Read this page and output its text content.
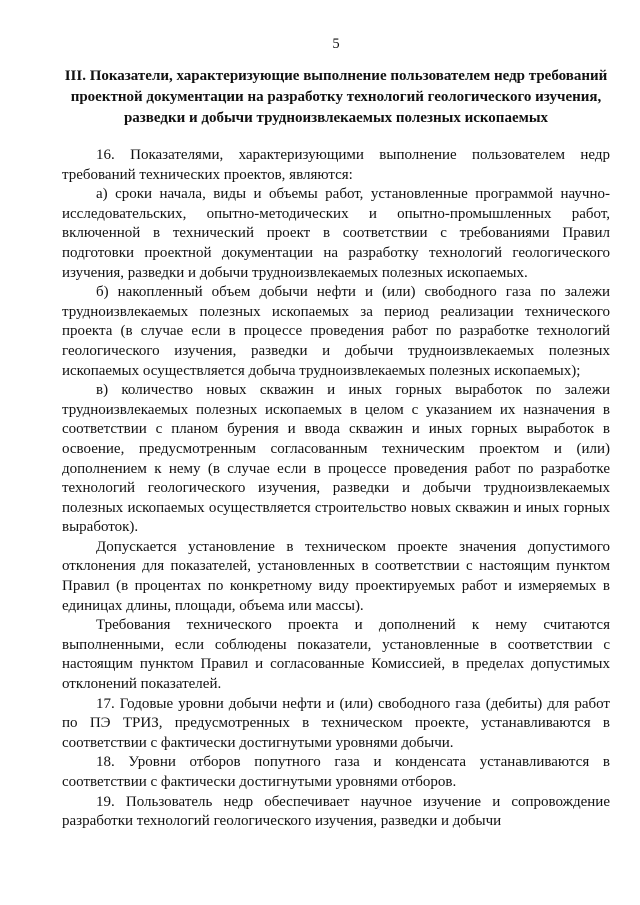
5
III. Показатели, характеризующие выполнение пользователем недр требований проектной документации на разработку технологий геологического изучения, разведки и добычи трудноизвлекаемых полезных ископаемых

16. Показателями, характеризующими выполнение пользователем недр требований технических проектов, являются:

а) сроки начала, виды и объемы работ, установленные программой научно-исследовательских, опытно-методических и опытно-промышленных работ, включенной в технический проект в соответствии с требованиями Правил подготовки проектной документации на разработку технологий геологического изучения, разведки и добычи трудноизвлекаемых полезных ископаемых.

б) накопленный объем добычи нефти и (или) свободного газа по залежи трудноизвлекаемых полезных ископаемых за период реализации технического проекта (в случае если в процессе проведения работ по разработке технологий геологического изучения, разведки и добычи трудноизвлекаемых полезных ископаемых осуществляется добыча трудноизвлекаемых полезных ископаемых);

в) количество новых скважин и иных горных выработок по залежи трудноизвлекаемых полезных ископаемых в целом с указанием их назначения в соответствии с планом бурения и ввода скважин и иных горных выработок в освоение, предусмотренным согласованным техническим проектом и (или) дополнением к нему (в случае если в процессе проведения работ по разработке технологий геологического изучения, разведки и добычи трудноизвлекаемых полезных ископаемых осуществляется строительство новых скважин и иных горных выработок).

Допускается установление в техническом проекте значения допустимого отклонения для показателей, установленных в соответствии с настоящим пунктом Правил (в процентах по конкретному виду проектируемых работ и измеряемых в единицах длины, площади, объема или массы).

Требования технического проекта и дополнений к нему считаются выполненными, если соблюдены показатели, установленные в соответствии с настоящим пунктом Правил и согласованные Комиссией, в пределах допустимых отклонений показателей.

17. Годовые уровни добычи нефти и (или) свободного газа (дебиты) для работ по ПЭ ТРИЗ, предусмотренных в техническом проекте, устанавливаются в соответствии с фактически достигнутыми уровнями добычи.

18. Уровни отборов попутного газа и конденсата устанавливаются в соответствии с фактически достигнутыми уровнями отборов.

19. Пользователь недр обеспечивает научное изучение и сопровождение разработки технологий геологического изучения, разведки и добычи
